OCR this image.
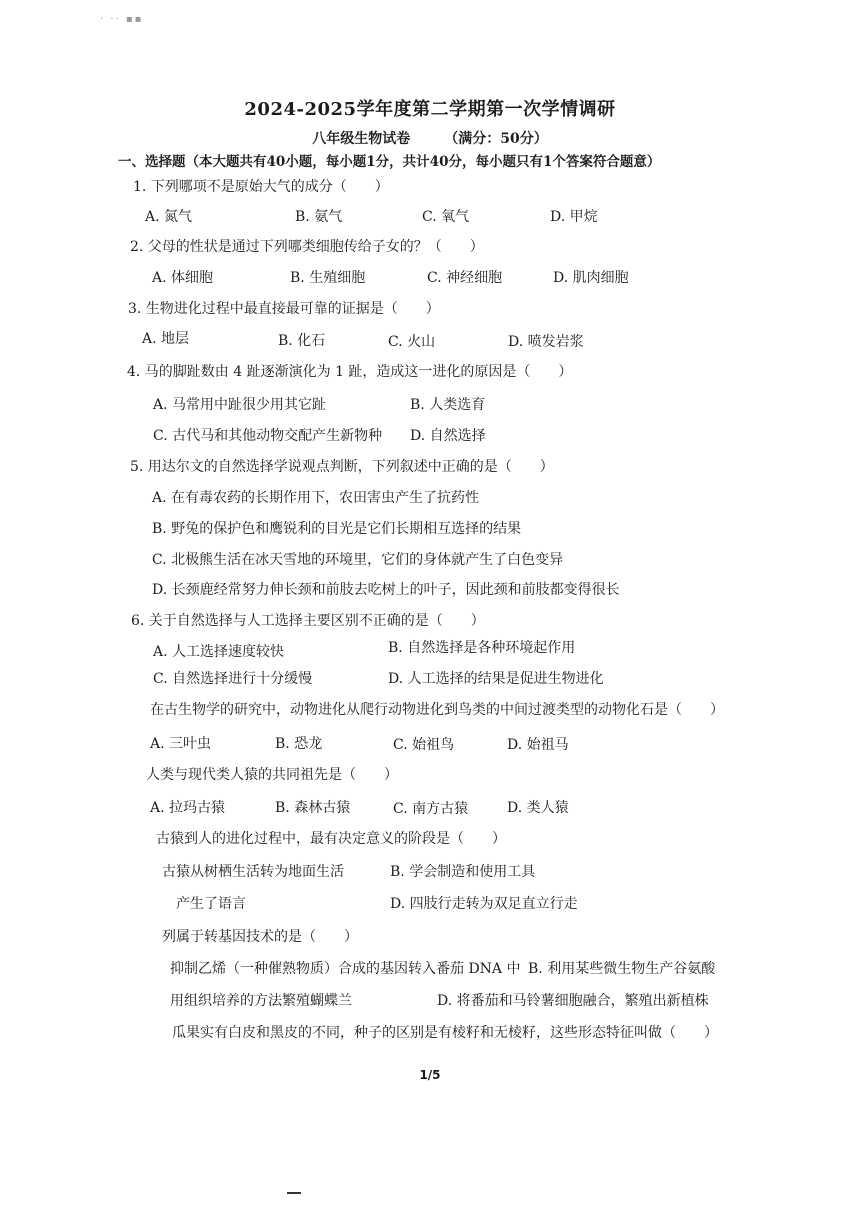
· ·· ▪▪
2024-2025学年度第二学期第一次学情调研
八年级生物试卷 （满分：50分）
一、选择题（本大题共有40小题，每小题1分，共计40分，每小题只有1个答案符合题意）
1. 下列哪项不是原始大气的成分（　　）
A. 氮气	B. 氨气	C. 氧气	D. 甲烷
2. 父母的性状是通过下列哪类细胞传给子女的？（　　）
A. 体细胞	B. 生殖细胞	C. 神经细胞	D. 肌肉细胞
3. 生物进化过程中最直接最可靠的证据是（　　）
A. 地层	B. 化石	C. 火山	D. 喷发岩浆
4. 马的脚趾数由 4 趾逐渐演化为 1 趾，造成这一进化的原因是（　　）
A. 马常用中趾很少用其它趾	B. 人类选育
C. 古代马和其他动物交配产生新物种 D. 自然选择
5. 用达尔文的自然选择学说观点判断，下列叙述中正确的是（　　）
A. 在有毒农药的长期作用下，农田害虫产生了抗药性
B. 野兔的保护色和鹰锐利的目光是它们长期相互选择的结果
C. 北极熊生活在冰天雪地的环境里，它们的身体就产生了白色变异
D. 长颈鹿经常努力伸长颈和前肢去吃树上的叶子，因此颈和前肢都变得很长
6. 关于自然选择与人工选择主要区别不正确的是（　　）
A. 人工选择速度较快	B. 自然选择是各种环境起作用
C. 自然选择进行十分缓慢	D. 人工选择的结果是促进生物进化
在古生物学的研究中，动物进化从爬行动物进化到鸟类的中间过渡类型的动物化石是（　　）
A. 三叶虫	B. 恐龙	C. 始祖鸟	D. 始祖马
人类与现代类人猿的共同祖先是（　　）
A. 拉玛古猿	B. 森林古猿	C. 南方古猿	D. 类人猿
古猿到人的进化过程中，最有决定意义的阶段是（　　）
古猿从树栖生活转为地面生活	B. 学会制造和使用工具
产生了语言	D. 四肢行走转为双足直立行走
列属于转基因技术的是（　　）
抑制乙烯（一种催熟物质）合成的基因转入番茄 DNA 中 B. 利用某些微生物生产谷氨酸
用组织培养的方法繁殖蝴蝶兰	D. 将番茄和马铃薯细胞融合，繁殖出新植株
瓜果实有白皮和黑皮的不同，种子的区别是有棱籽和无棱籽，这些形态特征叫做（　　）
1/5
